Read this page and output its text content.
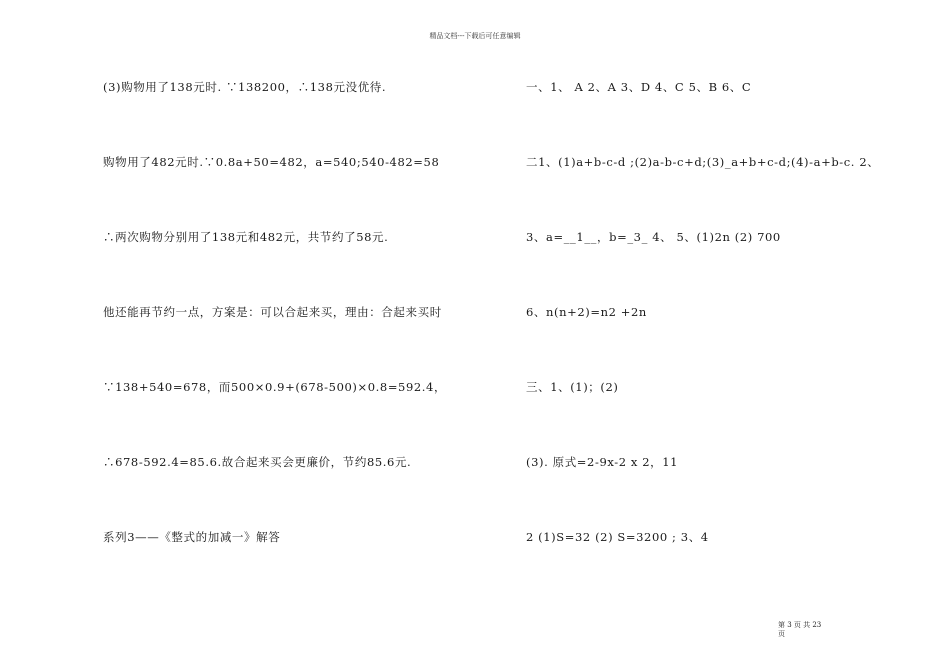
精品文档---下载后可任意编辑
(3)购物用了138元时. ∵138200，∴138元没优待.
购物用了482元时.∵0.8a+50=482，a=540;540-482=58
∴两次购物分别用了138元和482元，共节约了58元.
他还能再节约一点，方案是：可以合起来买，理由：合起来买时
∵138+540=678，而500×0.9+(678-500)×0.8=592.4，
∴678-592.4=85.6.故合起来买会更廉价，节约85.6元.
系列3——《整式的加减一》解答
一、1、 A 2、A 3、D 4、C 5、B 6、C
二1、(1)a+b-c-d ;(2)a-b-c+d;(3)_a+b+c-d;(4)-a+b-c. 2、
3、a=__1__，b=_3_ 4、 5、(1)2n (2) 700
6、n(n+2)=n2 +2n
三、1、(1)；(2)
(3). 原式=2-9x-2 x 2，11
2 (1)S=32 (2) S=3200 ; 3、4
第 3 页 共 23
页
